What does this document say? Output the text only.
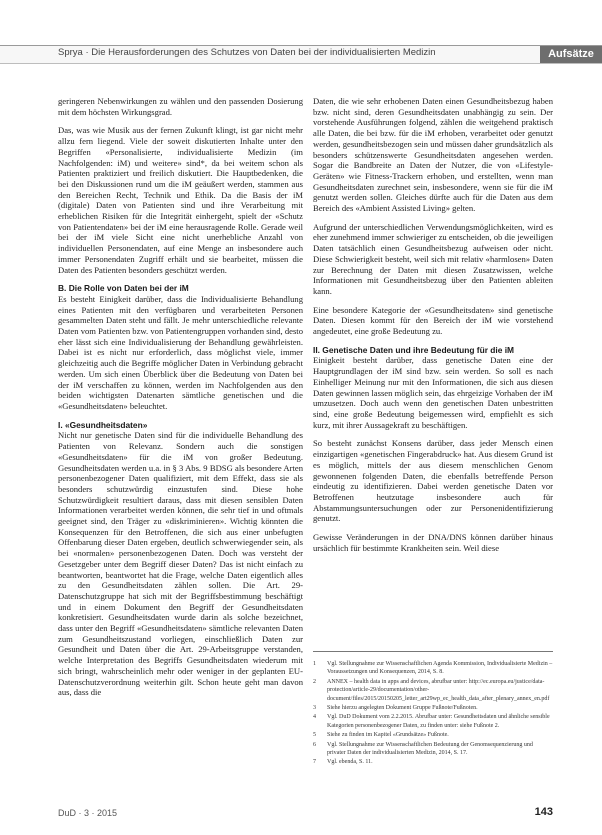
Sprya · Die Herausforderungen des Schutzes von Daten bei der individualisierten Medizin	Aufsätze

geringeren Nebenwirkungen zu wählen und den passenden Dosierung mit dem höchsten Wirkungsgrad.

Das, was wie Musik aus der fernen Zukunft klingt, ist gar nicht mehr allzu fern liegend. Viele der soweit diskutierten Inhalte unter den Begriffen «Personalisierte, individualisierte Medizin (im Nachfolgenden: iM) und weitere» sind*, da bei weitem schon als Patienten praktiziert und freilich diskutiert. Die Hauptbedenken, die bei den Diskussionen rund um die iM geäußert werden, stammen aus den Bereichen Recht, Technik und Ethik. Da die Basis der iM (digitale) Daten von Patienten sind und ihre Verarbeitung mit erheblichen Risiken für die Integrität einhergeht, spielt der «Schutz von Patientendaten» bei der iM eine herausragende Rolle. Gerade weil bei der iM viele Sicht eine nicht unerhebliche Anzahl von individuellen Personendaten, auf eine Menge an insbesondere auch immer Personendaten Zugriff erhält und sie bearbeitet, müssen die Daten des Patienten besonders geschützt werden.

B. Die Rolle von Daten bei der iM

Es besteht Einigkeit darüber, dass die Individualisierte Behandlung eines Patienten mit den verfügbaren und verarbeiteten Personen gesammelten Daten steht und fällt. Je mehr unterschiedliche relevante Daten vom Patienten bzw. von Patientengruppen vorhanden sind, desto eher lässt sich eine Individualisierung der Behandlung gewährleisten. Dabei ist es nicht nur erforderlich, dass möglichst viele, immer gleichzeitig auch die Begriffe möglicher Daten in Verbindung gebracht werden. Um sich einen Überblick über die Bedeutung von Daten bei der iM verschaffen zu können, werden im Nachfolgenden aus den beiden wichtigsten Datenarten sämtliche genetischen und die «Gesundheitsdaten» beleuchtet.

I. «Gesundheitsdaten»

Nicht nur genetische Daten sind für die individuelle Behandlung des Patienten von Relevanz. Sondern auch die sonstigen «Gesundheitsdaten» für die iM von großer Bedeutung. Gesundheitsdaten werden u.a. in § 3 Abs. 9 BDSG als besondere Arten personenbezogener Daten qualifiziert, mit dem Effekt, dass sie als besonders schutzwürdig einzustufen sind. Diese hohe Schutzwürdigkeit resultiert daraus, dass mit diesen sensiblen Daten Informationen verarbeitet werden können, die sehr tief in und oftmals geeignet sind, den Träger zu «diskriminieren». Wichtig könnten die Konsequenzen für den Betroffenen, die sich aus einer unbefugten Offenbarung dieser Daten ergeben, deutlich schwerwiegender sein, als bei «normalen» personenbezogenen Daten. Doch was versteht der Gesetzgeber unter dem Begriff dieser Daten? Das ist nicht einfach zu beantworten, beantwortet hat die Frage, welche Daten eigentlich alles zu den Gesundheitsdaten zählen sollen. Die Art. 29-Datenschutzgruppe hat sich mit der Begriffsbestimmung beschäftigt und in einem Dokument den Begriff der Gesundheitsdaten konkretisiert. Gesundheitsdaten wurde darin als solche bezeichnet, dass unter den Begriff «Gesundheitsdaten» sämtliche relevanten Daten zum Gesundheitszustand vorliegen, einschließlich Daten zur Gesundheit und Daten über die Art. 29-Arbeitsgruppe verstanden, welche Interpretation des Begriffs Gesundheitsdaten wiederum mit sich bringt, wahrscheinlich mehr oder weniger in der geplanten EU-Datenschutzverordnung weiterhin gilt. Schon heute geht man davon aus, dass die

Daten, die wie sehr erhobenen Daten einen Gesundheitsbezug haben bzw. nicht sind, deren Gesundheitsdaten unabhängig zu sein. Der vorstehende Ausführungen folgend, zählen die weitgehend praktisch alle Daten, die bei bzw. für die iM erhoben, verarbeitet oder genutzt werden, gesundheitsbezogen sein und müssen daher grundsätzlich als besonders schützenswerte Gesundheitsdaten angesehen werden. Sogar die Bandbreite an Daten der Nutzer, die von «Lifestyle-Geräten» wie Fitness-Trackern erhoben, und erstellten, wenn man Gesundheitsdaten zurechnet sein, insbesondere, wenn sie für die iM genutzt werden sollen. Gleiches dürfte auch für die Daten aus dem Bereich des «Ambient Assisted Living» gelten.

Aufgrund der unterschiedlichen Verwendungsmöglichkeiten, wird es eher zunehmend immer schwieriger zu entscheiden, ob die jeweiligen Daten tatsächlich einen Gesundheitsbezug aufweisen oder nicht. Diese Schwierigkeit besteht, weil sich mit relativ «harmlosen» Daten zur Berechnung der Daten mit diesen Zusatzwissen, welche Informationen mit Gesundheitsbezug über den Patienten ableiten kann.

Eine besondere Kategorie der «Gesundheitsdaten» sind genetische Daten. Diesen kommt für den Bereich der iM wie vorstehend angedeutet, eine große Bedeutung zu.

II. Genetische Daten und ihre Bedeutung für die iM

Einigkeit besteht darüber, dass genetische Daten eine der Hauptgrundlagen der iM sind bzw. sein werden. So soll es nach Einhelliger Meinung nur mit den Informationen, die sich aus diesen Daten gewinnen lassen möglich sein, das ehrgeizige Vorhaben der iM umzusetzen. Doch auch wenn den genetischen Daten unbestritten sind, eine große Bedeutung beigemessen wird, empfiehlt es sich kurz, mit ihrer Aussagekraft zu beschäftigen.

So besteht zunächst Konsens darüber, dass jeder Mensch einen einzigartigen «genetischen Fingerabdruck» hat. Aus diesem Grund ist es möglich, mittels der aus diesem menschlichen Genom gewonnenen folgenden Daten, die ebenfalls betreffende Person eindeutig zu identifizieren. Dabei werden genetische Daten vor Betroffenen heutzutage insbesondere auch für Abstammungsuntersuchungen oder zur Personenidentifizierung genutzt.

Gewisse Veränderungen in der DNA/DNS können darüber hinaus ursächlich für bestimmte Krankheiten sein. Weil diese

1	Vgl. Stellungnahme zur Wissenschaftlichen Agenda Kommission, Individualisierte Medizin – Voraussetzungen und Konsequenzen, 2014, S. 8.
2	ANNEX – health data in apps and devices, abrufbar unter: http://ec.europa.eu/justice/data-protection/article-29/documentation/other-document/files/2015/20150205_letter_art29wp_ec_health_data_after_plenary_annex_en.pdf
3	Siehe hierzu angelegten Dokument Gruppe Fußnote/Fußnoten.
4	Vgl. DuD Dokument vom 2.2.2015. Abrufbar unter: Gesundheitsdaten und ähnliche sensible Kategorien personenbezogener Daten, zu finden unter: siehe Fußnote 2.
5	Siehe zu finden im Kapitel «Grundsätze» Fußnote.
6	Vgl. Stellungnahme zur Wissenschaftlichen Bedeutung der Genomsequenzierung und privater Daten der individualisierten Medizin, 2014, S. 17.
7	Vgl. ebenda, S. 11.
DuD · 3 · 2015	143
